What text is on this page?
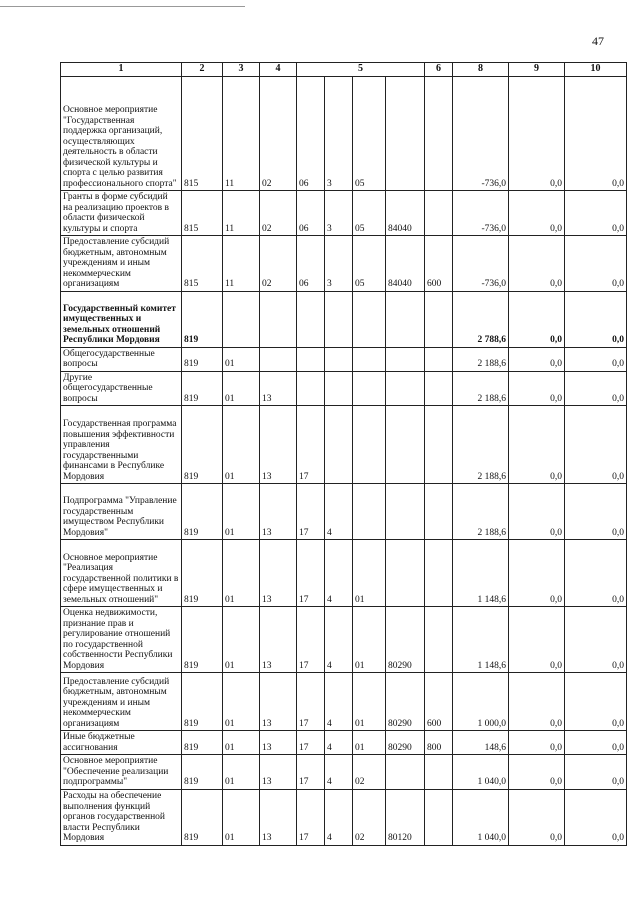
47
1	2	3	4	5				6	8	9	10
Основное мероприятие "Государственная поддержка организаций, осуществляющих деятельность в области физической культуры и спорта с целью развития профессионального спорта"	815	11	02	06	3	05			-736,0	0,0	0,0
Гранты в форме субсидий на реализацию проектов в области физической культуры и спорта	815	11	02	06	3	05	84040		-736,0	0,0	0,0
Предоставление субсидий бюджетным, автономным учреждениям и иным некоммерческим организациям	815	11	02	06	3	05	84040	600	-736,0	0,0	0,0
Государственный комитет имущественных и земельных отношений Республики Мордовия	819								2 788,6	0,0	0,0
Общегосударственные вопросы	819	01							2 188,6	0,0	0,0
Другие общегосударственные вопросы	819	01	13						2 188,6	0,0	0,0
Государственная программа повышения эффективности управления государственными финансами в Республике Мордовия	819	01	13	17					2 188,6	0,0	0,0
Подпрограмма "Управление государственным имуществом Республики Мордовия"	819	01	13	17	4				2 188,6	0,0	0,0
Основное мероприятие "Реализация государственной политики в сфере имущественных и земельных отношений"	819	01	13	17	4	01			1 148,6	0,0	0,0
Оценка недвижимости, признание прав и регулирование отношений по государственной собственности Республики Мордовия	819	01	13	17	4	01	80290		1 148,6	0,0	0,0
Предоставление субсидий бюджетным, автономным учреждениям и иным некоммерческим организациям	819	01	13	17	4	01	80290	600	1 000,0	0,0	0,0
Иные бюджетные ассигнования	819	01	13	17	4	01	80290	800	148,6	0,0	0,0
Основное мероприятие "Обеспечение реализации подпрограммы"	819	01	13	17	4	02			1 040,0	0,0	0,0
Расходы на обеспечение выполнения функций органов государственной власти Республики Мордовия	819	01	13	17	4	02	80120		1 040,0	0,0	0,0
